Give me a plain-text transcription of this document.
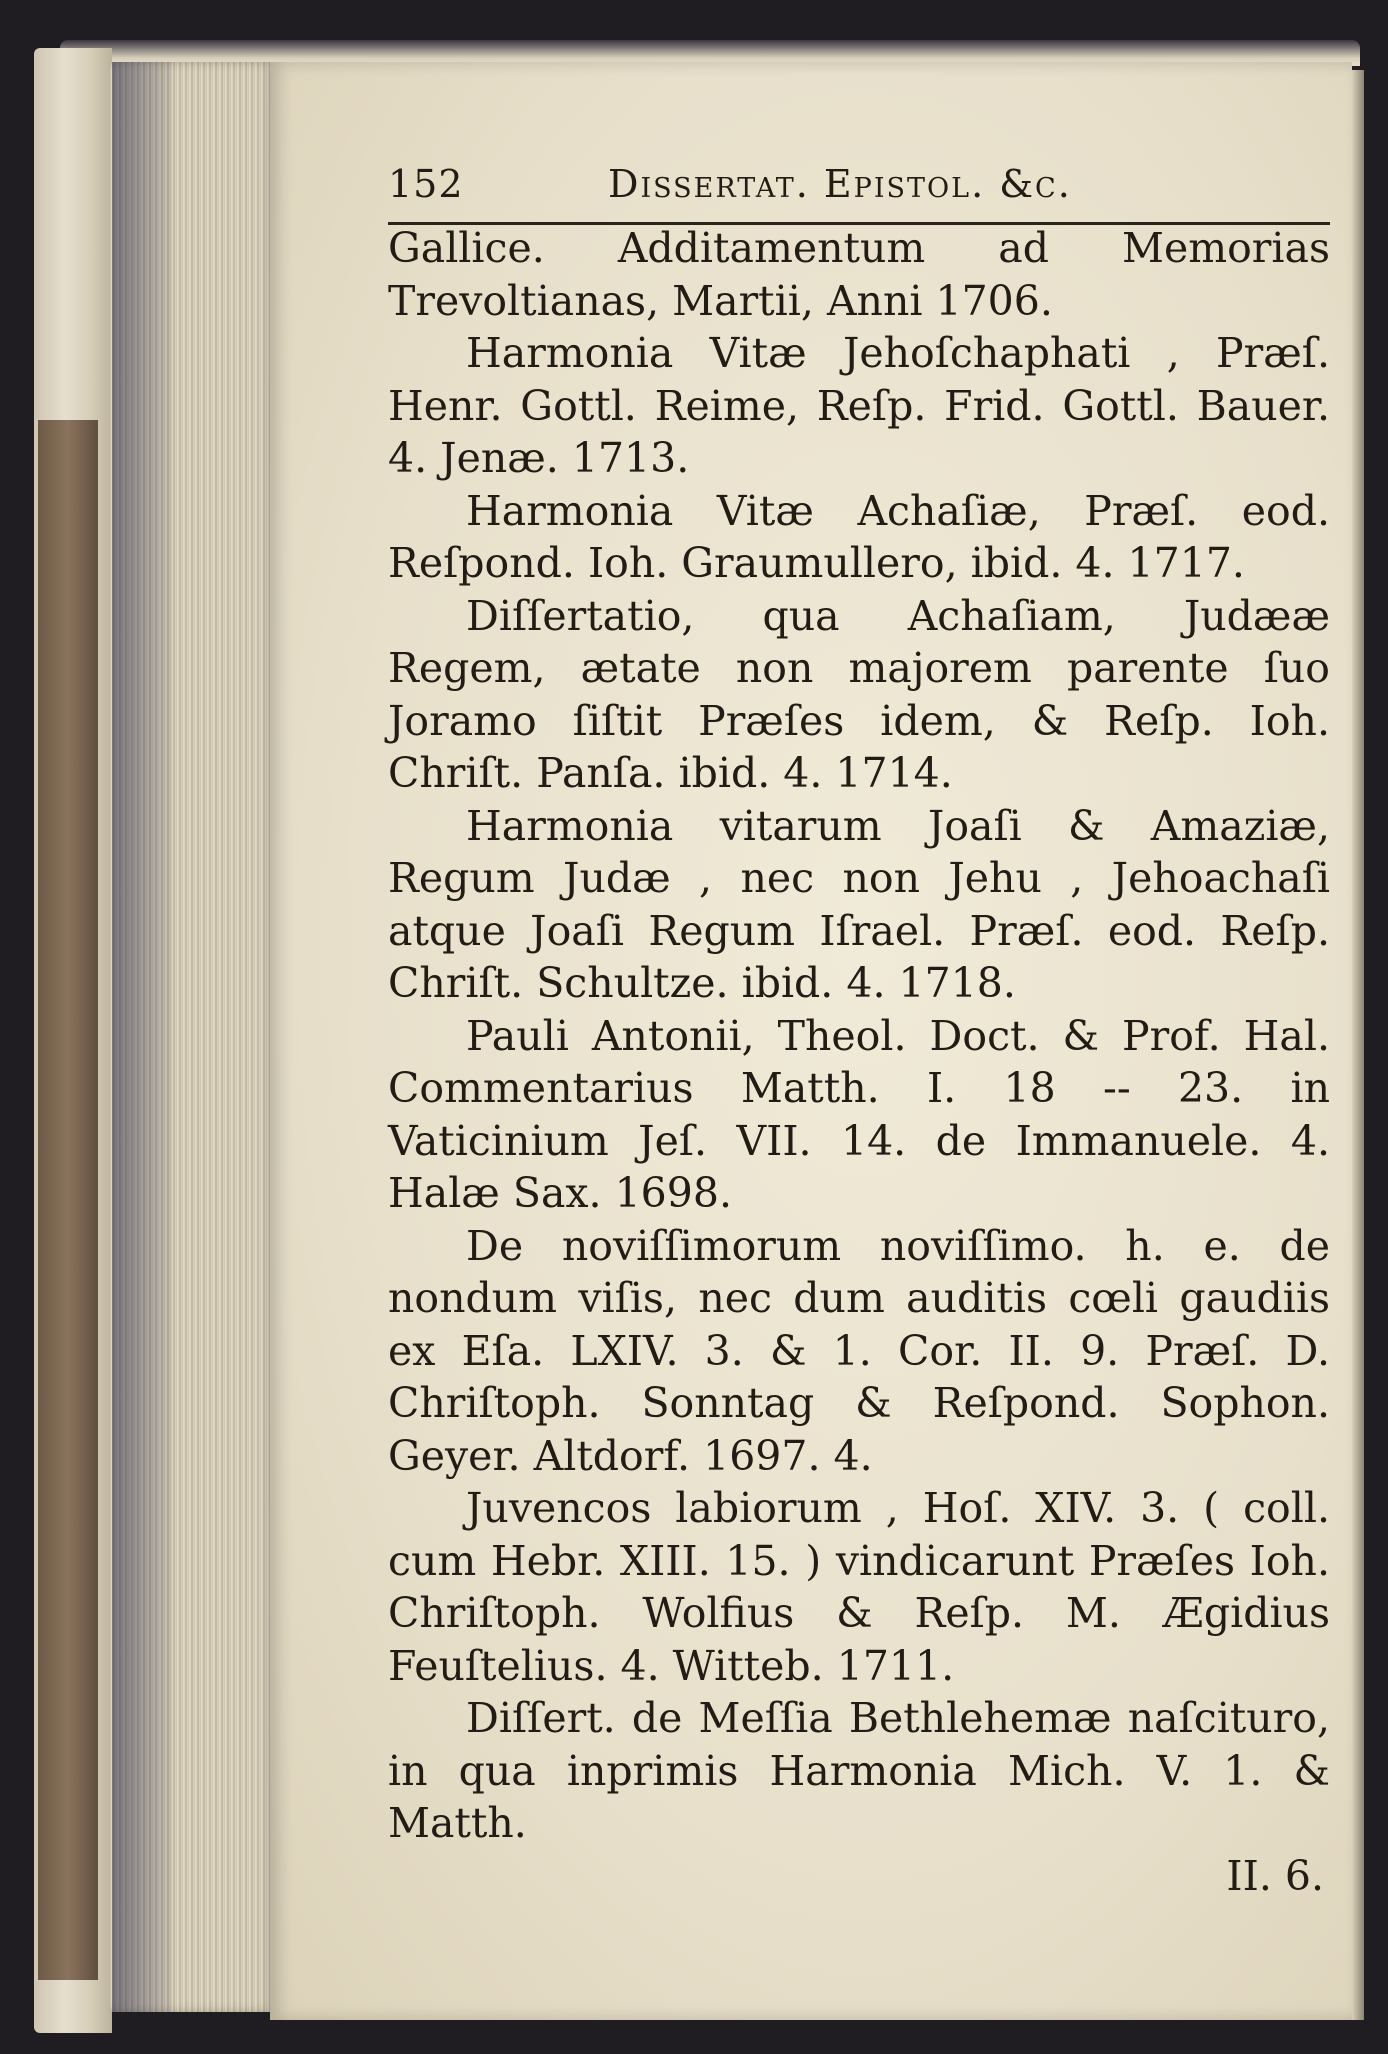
152	Dissertat. Epistol. &c.

Gallice. Additamentum ad Memorias Trevoltianas, Martii, Anni 1706.

Harmonia Vitæ Jehoſchaphati , Præſ. Henr. Gottl. Reime, Reſp. Frid. Gottl. Bauer. 4. Jenæ. 1713.

Harmonia Vitæ Achaſiæ, Præſ. eod. Reſpond. Ioh. Graumullero, ibid. 4. 1717.

Diſſertatio, qua Achaſiam, Judææ Regem, ætate non majorem parente ſuo Joramo ſiſtit Præſes idem, & Reſp. Ioh. Chriſt. Panſa. ibid. 4. 1714.

Harmonia vitarum Joaſi & Amaziæ, Regum Judæ , nec non Jehu , Jehoachaſi atque Joaſi Regum Iſrael. Præſ. eod. Reſp. Chriſt. Schultze. ibid. 4. 1718.

Pauli Antonii, Theol. Doct. & Prof. Hal. Commentarius Matth. I. 18 -- 23. in Vaticinium Jeſ. VII. 14. de Immanuele. 4. Halæ Sax. 1698.

De noviſſimorum noviſſimo. h. e. de nondum viſis, nec dum auditis cœli gaudiis ex Eſa. LXIV. 3. & 1. Cor. II. 9. Præſ. D. Chriſtoph. Sonntag & Reſpond. Sophon. Geyer. Altdorf. 1697. 4.

Juvencos labiorum , Hoſ. XIV. 3. ( coll. cum Hebr. XIII. 15. ) vindicarunt Præſes Ioh. Chriſtoph. Wolfius & Reſp. M. Ægidius Feuſtelius. 4. Witteb. 1711.

Diſſert. de Meſſia Bethlehemæ naſcituro, in qua inprimis Harmonia Mich. V. 1. & Matth.

II. 6.
